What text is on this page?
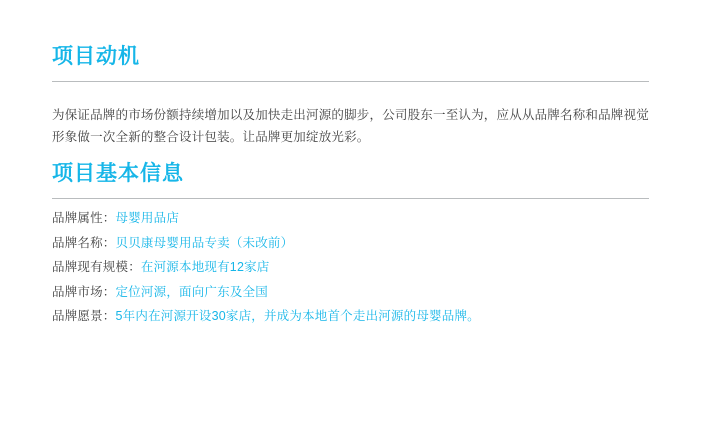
项目动机

为保证品牌的市场份额持续增加以及加快走出河源的脚步，公司股东一至认为，应从从品牌名称和品牌视觉形象做一次全新的整合设计包装。让品牌更加绽放光彩。

项目基本信息
品牌属性：母婴用品店
品牌名称：贝贝康母婴用品专卖（未改前）
品牌现有规模：在河源本地现有12家店
品牌市场：定位河源，面向广东及全国
品牌愿景：5年内在河源开设30家店，并成为本地首个走出河源的母婴品牌。
